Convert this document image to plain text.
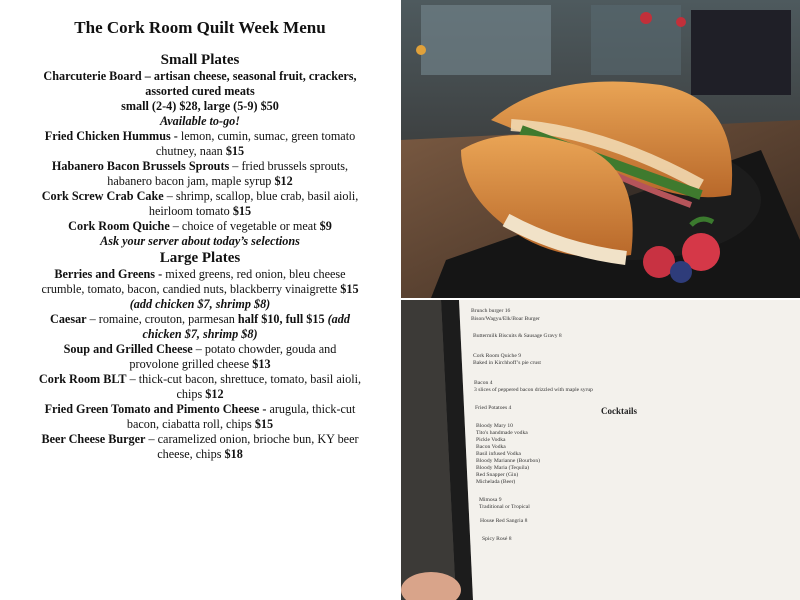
The Cork Room Quilt Week Menu
Small Plates

Charcuterie Board – artisan cheese, seasonal fruit, crackers, assorted cured meats
small (2-4) $28, large (5-9) $50
Available to-go!

Fried Chicken Hummus - lemon, cumin, sumac, green tomato chutney, naan $15

Habanero Bacon Brussels Sprouts – fried brussels sprouts, habanero bacon jam, maple syrup $12

Cork Screw Crab Cake – shrimp, scallop, blue crab, basil aioli, heirloom tomato $15

Cork Room Quiche – choice of vegetable or meat $9

Ask your server about today’s selections

Large Plates

Berries and Greens - mixed greens, red onion, bleu cheese crumble, tomato, bacon, candied nuts, blackberry vinaigrette $15 (add chicken $7, shrimp $8)

Caesar – romaine, crouton, parmesan half $10, full $15 (add chicken $7, shrimp $8)

Soup and Grilled Cheese – potato chowder, gouda and provolone grilled cheese $13

Cork Room BLT – thick-cut bacon, shrettuce, tomato, basil aioli, chips $12

Fried Green Tomato and Pimento Cheese - arugula, thick-cut bacon, ciabatta roll, chips $15

Beer Cheese Burger – caramelized onion, brioche bun, KY beer cheese, chips $18

Brunch burger 16
Bison/Wagyu/Elk/Boar Burger
Buttermilk Biscuits & Sausage Gravy 8
Cork Room Quiche 9
Baked in Kirchhoff’s pie crust
Bacon 4
3 slices of peppered bacon drizzled with maple syrup
Fried Potatoes 4	Cocktails
Bloody Mary 10
Tito's handmade vodka
Pickle Vodka
Bacon Vodka
Basil infused Vodka
Bloody Marianne (Bourbon)
Bloody Maria (Tequila)
Red Snapper (Gin)
Michelada (Beer)
Mimosa 9
Traditional or Tropical
House Red Sangria 8
Spicy Rosé 8
